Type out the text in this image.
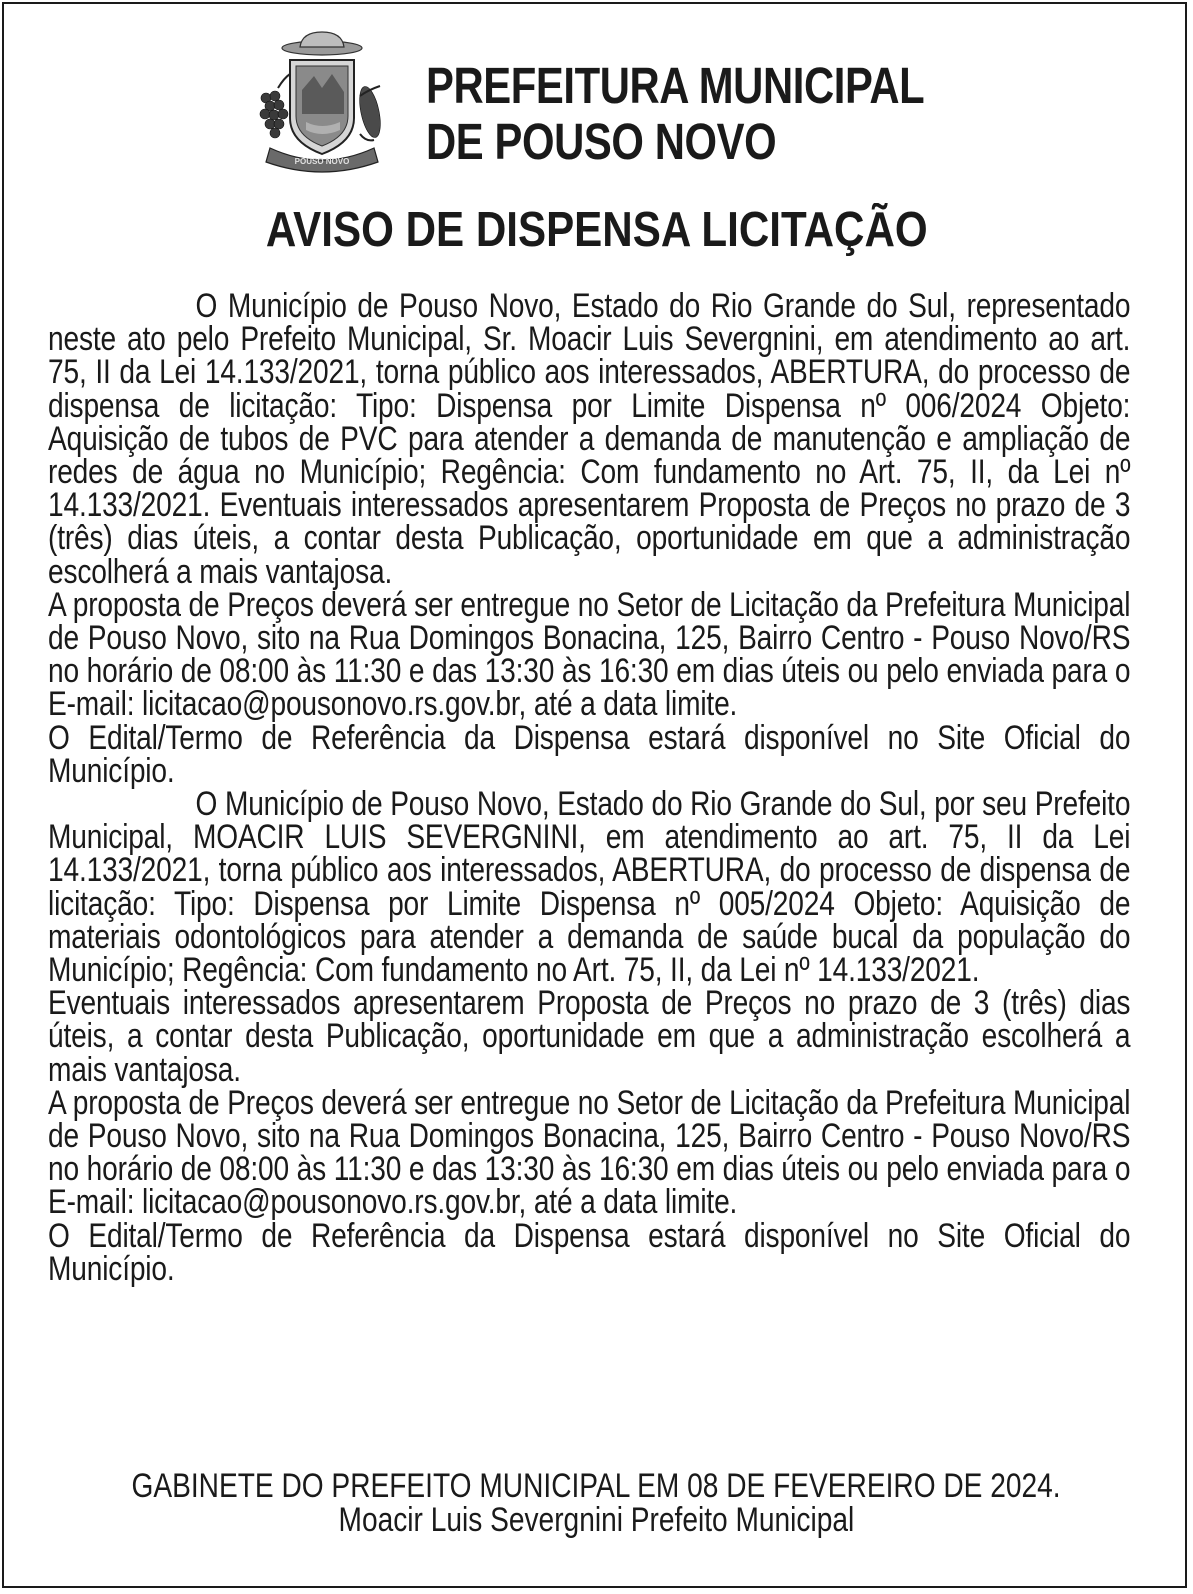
POUSO NOVO
PREFEITURA MUNICIPAL
DE POUSO NOVO
AVISO DE DISPENSA LICITAÇÃO

O Município de Pouso Novo, Estado do Rio Grande do Sul, representado neste ato pelo Prefeito Municipal, Sr. Moacir Luis Severgnini, em atendimento ao art. 75, II da Lei 14.133/2021, torna público aos interessados, ABERTURA, do processo de dispensa de licitação: Tipo: Dispensa por Limite Dispensa nº 006/2024 Objeto: Aquisição de tubos de PVC para atender a demanda de manutenção e ampliação de redes de água no Município; Regência: Com fundamento no Art. 75, II, da Lei nº 14.133/2021. Eventuais interessados apresentarem Proposta de Preços no prazo de 3 (três) dias úteis, a contar desta Publicação, oportunidade em que a administração escolherá a mais vantajosa.

A proposta de Preços deverá ser entregue no Setor de Licitação da Prefeitura Municipal de Pouso Novo, sito na Rua Domingos Bonacina, 125, Bairro Centro - Pouso Novo/RS no horário de 08:00 às 11:30 e das 13:30 às 16:30 em dias úteis ou pelo enviada para o E-mail: licitacao@pousonovo.rs.gov.br, até a data limite.

O Edital/Termo de Referência da Dispensa estará disponível no Site Oficial do Município.

O Município de Pouso Novo, Estado do Rio Grande do Sul, por seu Prefeito Municipal, MOACIR LUIS SEVERGNINI, em atendimento ao art. 75, II da Lei 14.133/2021, torna público aos interessados, ABERTURA, do processo de dispensa de licitação: Tipo: Dispensa por Limite Dispensa nº 005/2024 Objeto: Aquisição de materiais odontológicos para atender a demanda de saúde bucal da população do Município; Regência: Com fundamento no Art. 75, II, da Lei nº 14.133/2021.

Eventuais interessados apresentarem Proposta de Preços no prazo de 3 (três) dias úteis, a contar desta Publicação, oportunidade em que a administração escolherá a mais vantajosa.

A proposta de Preços deverá ser entregue no Setor de Licitação da Prefeitura Municipal de Pouso Novo, sito na Rua Domingos Bonacina, 125, Bairro Centro - Pouso Novo/RS no horário de 08:00 às 11:30 e das 13:30 às 16:30 em dias úteis ou pelo enviada para o E-mail: licitacao@pousonovo.rs.gov.br, até a data limite.

O Edital/Termo de Referência da Dispensa estará disponível no Site Oficial do Município.

GABINETE DO PREFEITO MUNICIPAL EM 08 DE FEVEREIRO DE 2024.
Moacir Luis Severgnini Prefeito Municipal
